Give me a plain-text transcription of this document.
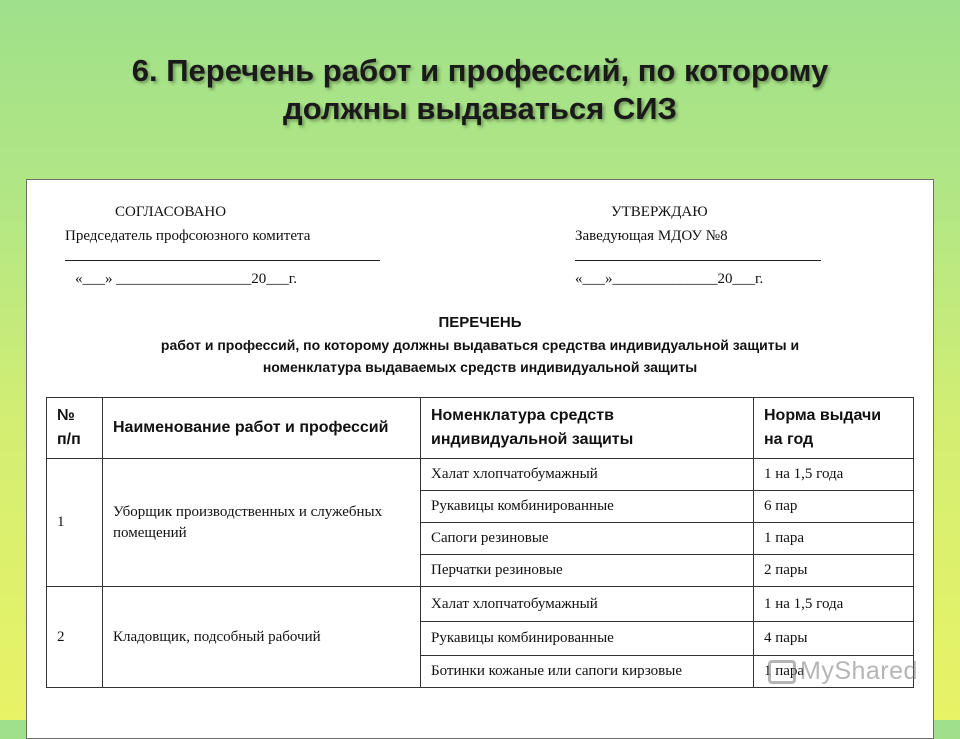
6. Перечень работ и профессий, по которому
должны выдаваться СИЗ
СОГЛАСОВАНО
Председатель профсоюзного комитета
«___» __________________20___г.
УТВЕРЖДАЮ
Заведующая МДОУ №8
«___»______________20___г.
ПЕРЕЧЕНЬ
работ и профессий, по которому должны выдаваться средства индивидуальной защиты и
номенклатура выдаваемых средств индивидуальной защиты
№ п/п	Наименование работ и профессий	Номенклатура средств индивидуальной защиты	Норма выдачи на год
1	Уборщик производственных и служебных помещений	Халат хлопчатобумажный	1 на 1,5 года
		Рукавицы комбинированные	6 пар
		Сапоги резиновые	1 пара
		Перчатки резиновые	2 пары
2	Кладовщик, подсобный рабочий	Халат хлопчатобумажный	1 на 1,5 года
		Рукавицы комбинированные	4 пары
		Ботинки кожаные или сапоги кирзовые	1 пара
MyShared
